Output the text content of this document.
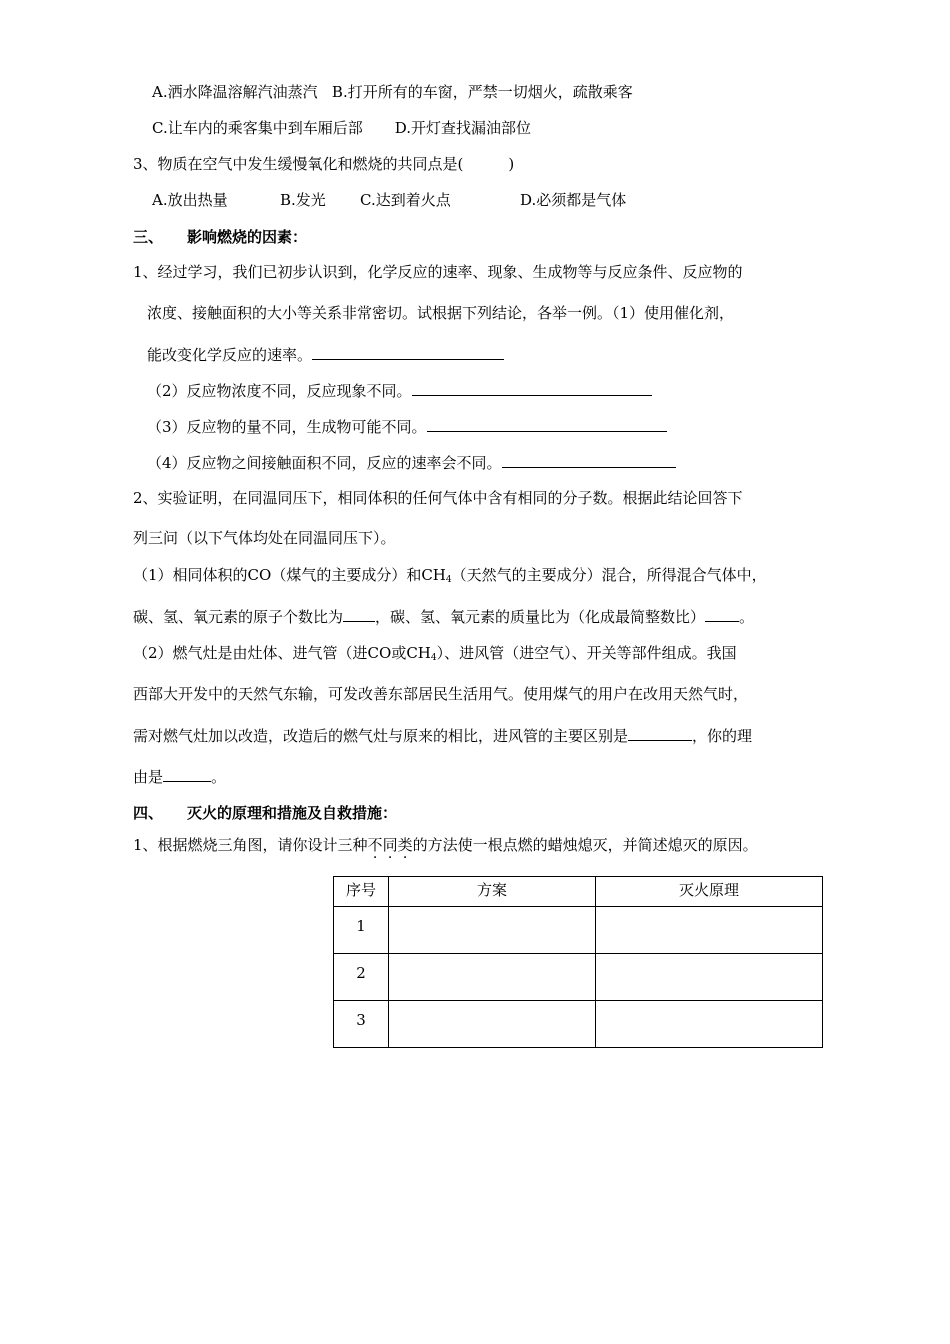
A.洒水降温溶解汽油蒸汽 B.打开所有的车窗，严禁一切烟火，疏散乘客
C.让车内的乘客集中到车厢后部 D.开灯查找漏油部位
3、物质在空气中发生缓慢氧化和燃烧的共同点是(　　　)
A.放出热量	B.发光 C.达到着火点	D.必须都是气体
三、 影响燃烧的因素：
1、经过学习，我们已初步认识到，化学反应的速率、现象、生成物等与反应条件、反应物的
浓度、接触面积的大小等关系非常密切。试根据下列结论，各举一例。（1）使用催化剂，
能改变化学反应的速率。
（2）反应物浓度不同，反应现象不同。
（3）反应物的量不同，生成物可能不同。
（4）反应物之间接触面积不同，反应的速率会不同。
2、实验证明，在同温同压下，相同体积的任何气体中含有相同的分子数。根据此结论回答下
列三问（以下气体均处在同温同压下）。
（1）相同体积的CO（煤气的主要成分）和$CH_4$（天然气的主要成分）混合，所得混合气体中，
碳、氢、氧元素的原子个数比为 ，碳、氢、氧元素的质量比为（化成最简整数比） 。
（2）燃气灶是由灶体、进气管（进CO或$CH_4$）、进风管（进空气）、开关等部件组成。我国
西部大开发中的天然气东输，可发改善东部居民生活用气。使用煤气的用户在改用天然气时，
需对燃气灶加以改造，改造后的燃气灶与原来的相比，进风管的主要区别是	，你的理
由是	。
四、 灭火的原理和措施及自救措施：
1、根据燃烧三角图，请你设计三种不同类的方法使一根点燃的蜡烛熄灭，并简述熄灭的原因。
序号	方案	灭火原理
1		
2		
3		
